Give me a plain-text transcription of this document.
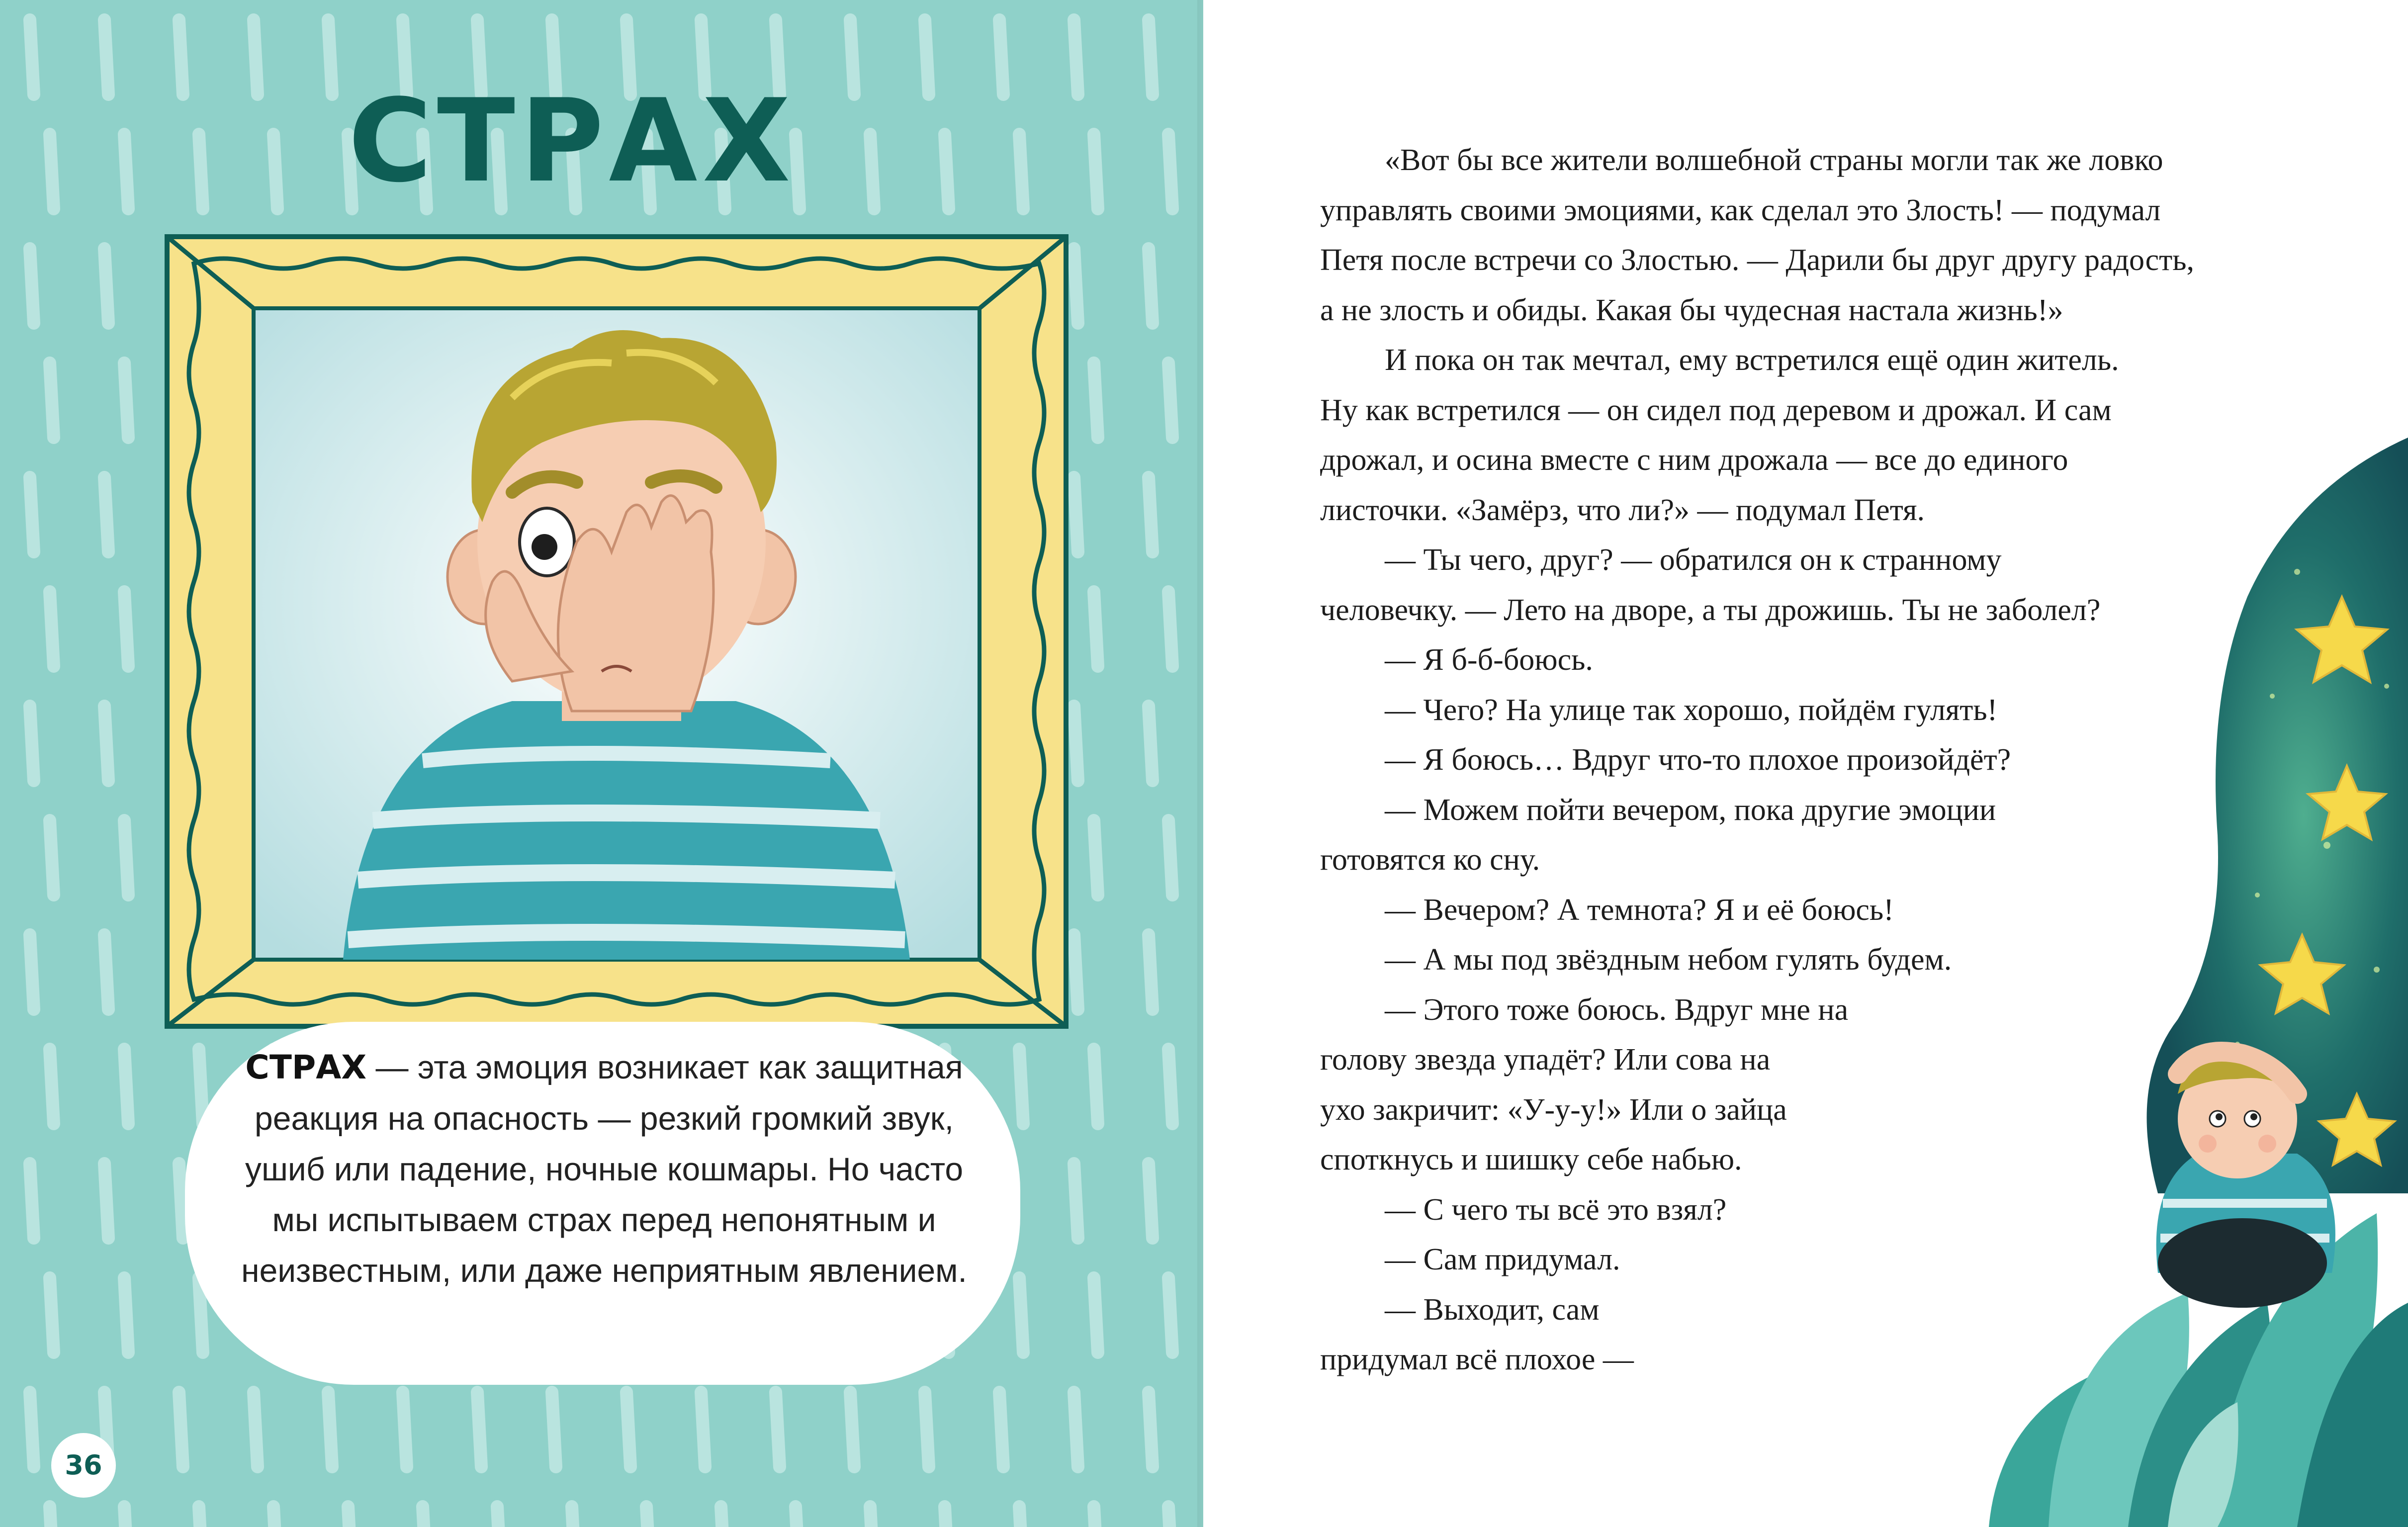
СТРАХ

СТРАХ — эта эмоция возникает как защитная реакция на опасность — резкий громкий звук, ушиб или падение, ночные кошмары. Но часто мы испытываем страх перед непонятным и неизвестным, или даже неприятным явлением.

36

«Вот бы все жители волшебной страны могли так же ловко

управлять своими эмоциями, как сделал это Злость! — подумал

Петя после встречи со Злостью. — Дарили бы друг другу радость,

а не злость и обиды. Какая бы чудесная настала жизнь!»

И пока он так мечтал, ему встретился ещё один житель.

Ну как встретился — он сидел под деревом и дрожал. И сам

дрожал, и осина вместе с ним дрожала — все до единого

листочки. «Замёрз, что ли?» — подумал Петя.

— Ты чего, друг? — обратился он к странному

человечку. — Лето на дворе, а ты дрожишь. Ты не заболел?

— Я б-б-боюсь.

— Чего? На улице так хорошо, пойдём гулять!

— Я боюсь… Вдруг что-то плохое произойдёт?

— Можем пойти вечером, пока другие эмоции

готовятся ко сну.

— Вечером? А темнота? Я и её боюсь!

— А мы под звёздным небом гулять будем.

— Этого тоже боюсь. Вдруг мне на

голову звезда упадёт? Или сова на

ухо закричит: «У-у-у!» Или о зайца

споткнусь и шишку себе набью.

— С чего ты всё это взял?

— Сам придумал.

— Выходит, сам

придумал всё плохое —
